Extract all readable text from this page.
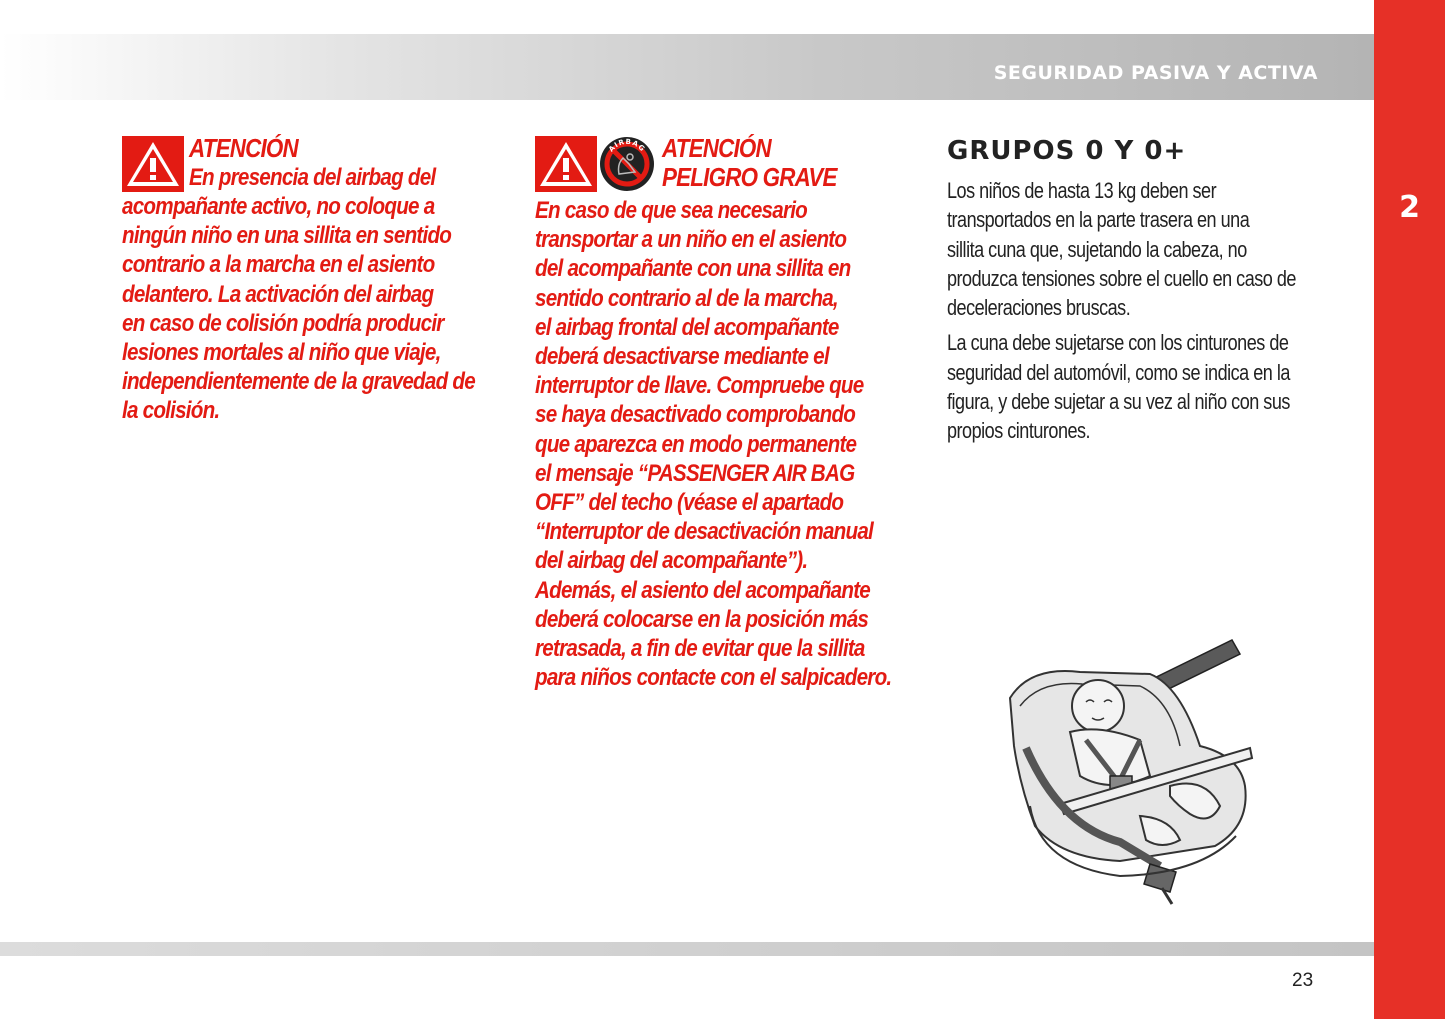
SEGURIDAD PASIVA Y ACTIVA
2
ATENCIÓN
En presencia del airbag del
acompañante activo, no coloque a
ningún niño en una sillita en sentido
contrario a la marcha en el asiento
delantero. La activación del airbag
en caso de colisión podría producir
lesiones mortales al niño que viaje,
independientemente de la gravedad de
la colisión.
AIRBAG ATENCIÓN
PELIGRO GRAVE
En caso de que sea necesario
transportar a un niño en el asiento
del acompañante con una sillita en
sentido contrario al de la marcha,
el airbag frontal del acompañante
deberá desactivarse mediante el
interruptor de llave. Compruebe que
se haya desactivado comprobando
que aparezca en modo permanente
el mensaje “PASSENGER AIR BAG
OFF” del techo (véase el apartado
“Interruptor de desactivación manual
del airbag del acompañante”).
Además, el asiento del acompañante
deberá colocarse en la posición más
retrasada, a fin de evitar que la sillita
para niños contacte con el salpicadero.
GRUPOS 0 Y 0+
Los niños de hasta 13 kg deben ser
transportados en la parte trasera en una
sillita cuna que, sujetando la cabeza, no
produzca tensiones sobre el cuello en caso de
deceleraciones bruscas.
La cuna debe sujetarse con los cinturones de
seguridad del automóvil, como se indica en la
figura, y debe sujetar a su vez al niño con sus
propios cinturones.
23
